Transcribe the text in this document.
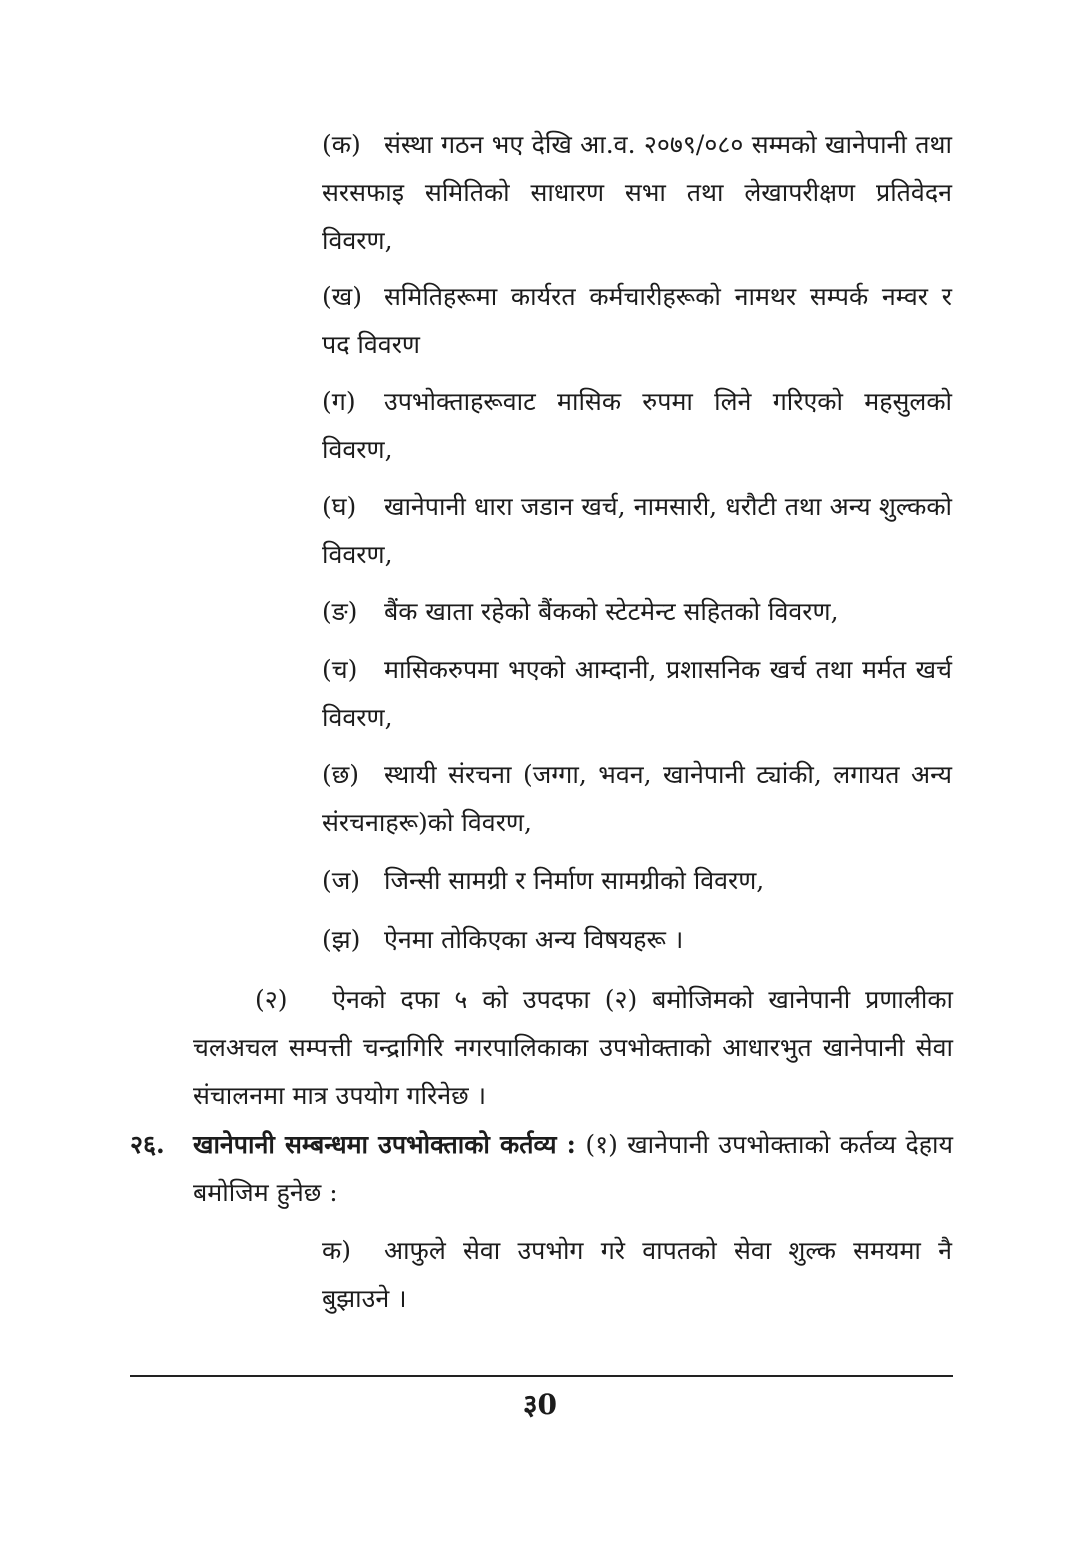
(क) संस्था गठन भए देखि आ.व. २०७९/०८० सम्मको खानेपानी तथा सरसफाइ समितिको साधारण सभा तथा लेखापरीक्षण प्रतिवेदन विवरण,
(ख) समितिहरूमा कार्यरत कर्मचारीहरूको नामथर सम्पर्क नम्वर र पद विवरण
(ग) उपभोक्ताहरूवाट मासिक रुपमा लिने गरिएको महसुलको विवरण,
(घ) खानेपानी धारा जडान खर्च, नामसारी, धरौटी तथा अन्य शुल्कको विवरण,
(ङ) बैंक खाता रहेको बैंकको स्टेटमेन्ट सहितको विवरण,
(च) मासिकरुपमा भएको आम्दानी, प्रशासनिक खर्च तथा मर्मत खर्च विवरण,
(छ) स्थायी संरचना (जग्गा, भवन, खानेपानी ट्यांकी, लगायत अन्य संरचनाहरू)को विवरण,
(ज) जिन्सी सामग्री र निर्माण सामग्रीको विवरण,
(झ) ऐनमा तोकिएका अन्य विषयहरू ।
(२) ऐनको दफा ५ को उपदफा (२) बमोजिमको खानेपानी प्रणालीका चलअचल सम्पत्ती चन्द्रागिरि नगरपालिकाका उपभोक्ताको आधारभुत खानेपानी सेवा संचालनमा मात्र उपयोग गरिनेछ ।
२६. खानेपानी सम्बन्धमा उपभोक्ताको कर्तव्य : (१) खानेपानी उपभोक्ताको कर्तव्य देहाय बमोजिम हुनेछ :
क) आफुले सेवा उपभोग गरे वापतको सेवा शुल्क समयमा नै बुझाउने ।
३0
